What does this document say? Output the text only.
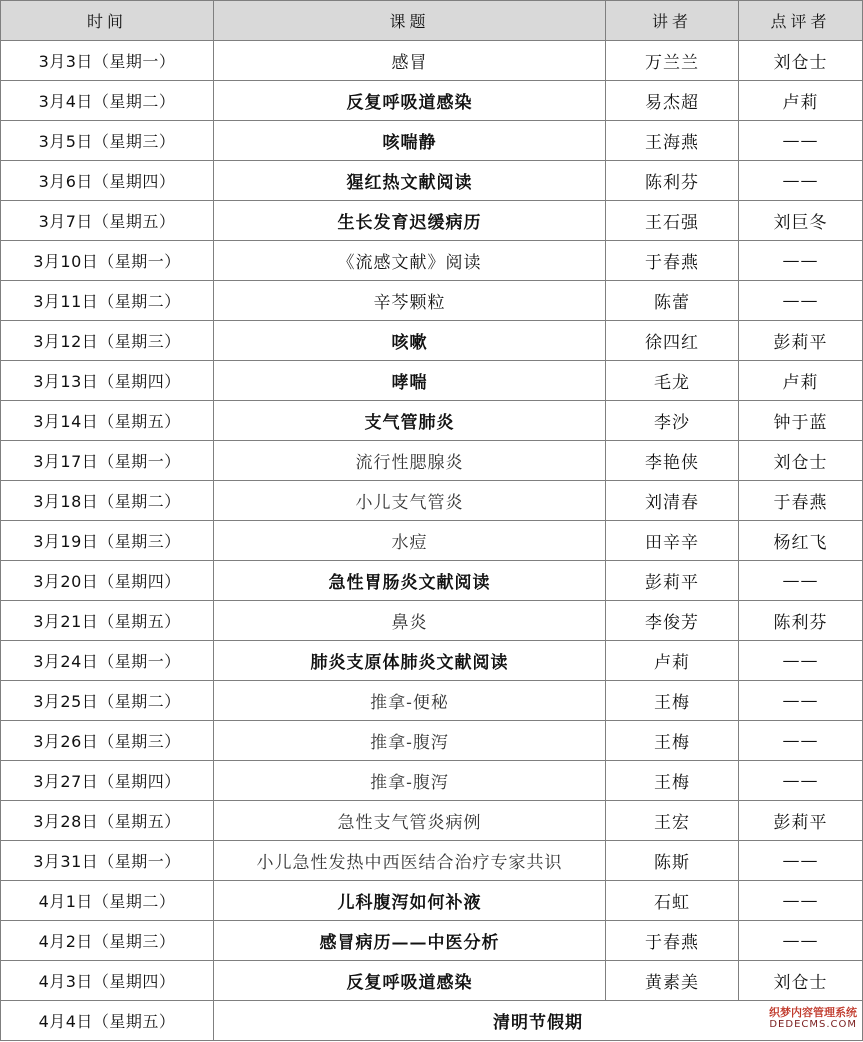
时间	课题	讲者	点评者
3月3日（星期一）	感冒	万兰兰	刘仓士
3月4日（星期二）	反复呼吸道感染	易杰超	卢莉
3月5日（星期三）	咳喘静	王海燕	——
3月6日（星期四）	猩红热文献阅读	陈利芬	——
3月7日（星期五）	生长发育迟缓病历	王石强	刘巨冬
3月10日（星期一）	《流感文献》阅读	于春燕	——
3月11日（星期二）	辛芩颗粒	陈蕾	——
3月12日（星期三）	咳嗽	徐四红	彭莉平
3月13日（星期四）	哮喘	毛龙	卢莉
3月14日（星期五）	支气管肺炎	李沙	钟于蓝
3月17日（星期一）	流行性腮腺炎	李艳侠	刘仓士
3月18日（星期二）	小儿支气管炎	刘清春	于春燕
3月19日（星期三）	水痘	田辛辛	杨红飞
3月20日（星期四）	急性胃肠炎文献阅读	彭莉平	——
3月21日（星期五）	鼻炎	李俊芳	陈利芬
3月24日（星期一）	肺炎支原体肺炎文献阅读	卢莉	——
3月25日（星期二）	推拿-便秘	王梅	——
3月26日（星期三）	推拿-腹泻	王梅	——
3月27日（星期四）	推拿-腹泻	王梅	——
3月28日（星期五）	急性支气管炎病例	王宏	彭莉平
3月31日（星期一）	小儿急性发热中西医结合治疗专家共识	陈斯	——
4月1日（星期二）	儿科腹泻如何补液	石虹	——
4月2日（星期三）	感冒病历——中医分析	于春燕	——
4月3日（星期四）	反复呼吸道感染	黄素美	刘仓士
4月4日（星期五）	清明节假期		
织梦内容管理系统
DEDECMS.COM
